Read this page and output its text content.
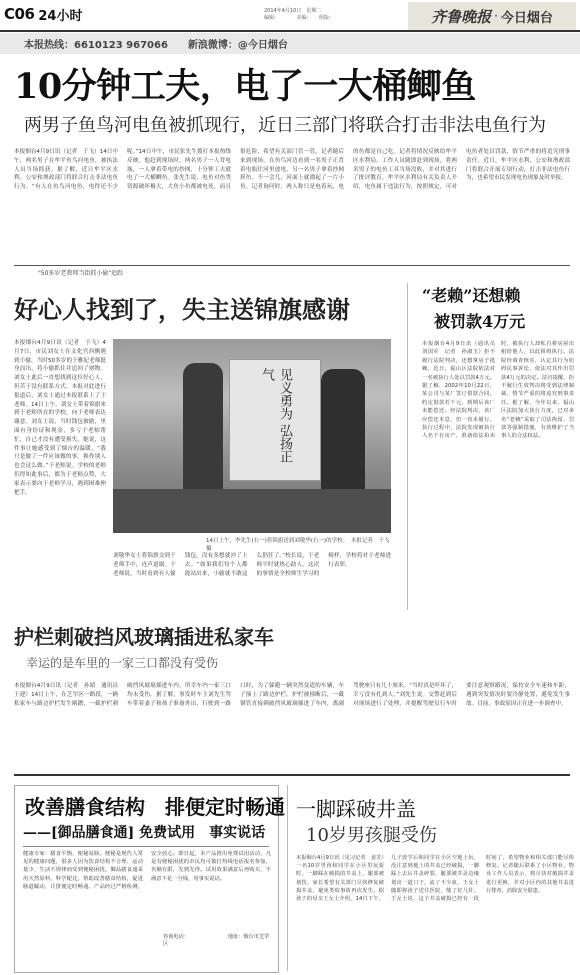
C06 24小时	2014年4月10日　星期二
编辑：　　　　美编：　　组版：	齐鲁晚报 · 今日烟台
本报热线：6610123 967066 新浪微博：@今日烟台
10分钟工夫，电了一大桶鲫鱼
两男子鱼鸟河电鱼被抓现行，近日三部门将联合打击非法电鱼行为
本报烟台4月9日讯（记者　于飞）14日中午，两名男子在牟平鱼鸟河电鱼，被执法人员当场抓获。据了解，近日牟平区水利、公安和渔政部门将联合打击非法电鱼行为。“有人在鱼鸟河电鱼，电得还不少呢。”14日中午，市民张先生拨打本报热线反映。他赶到现场时，两名男子一人背电瓶，一人拿着带电的抄网，十分钟工夫就电了一大桶鲫鱼。张先生说，电鱼对鱼类资源破坏极大，大鱼小鱼都被电死，而且很危险，希望有关部门管一管。记者随后来到现场，在鱼鸟河边看到一名男子正背着电瓶往河里放电，另一名男子拿着抄网捞鱼。不一会儿，河面上就漂起了一片小鱼。记者询问时，两人称只是电着玩，电的鱼都是自己吃。记者将情况反映给牟平区水利局，工作人员随即赶到现场，将两名男子的电鱼工具当场没收，并对其进行了批评教育。牟平区水利局有关负责人介绍，电鱼属于违法行为，按照规定，可对电鱼者处以罚款，情节严重的将追究刑事责任。近日，牟平区水利、公安和渔政部门将联合开展专项行动，打击非法电鱼行为，也希望市民发现电鱼现象及时举报。
"50多岁老教师当街抓小偷"追踪
好心人找到了，失主送锦旗感谢
本报烟台4月9日讯（记者　于飞）4月7日，市民刘女士在文化宫西侧遇到小偷，当时50多岁的于雅妃老师挺身而出，将小偷抓住并追回了财物。刘女士此后一直想找到这位好心人，但苦于没有联系方式。本报对此进行报道后，刘女士通过本报联系上了于老师。14日上午，刘女士带着锦旗来到于老师所在的学校，向于老师表达谢意。刘女士说，当时钱包被偷，里面有身份证和现金，多亏于老师帮忙，自己才没有遭受损失。她说，这件事让她感受到了烟台的温暖。“我只是做了一件应该做的事，换作别人也会这么做。”于老师说。学校的老师们得知此事后，都为于老师点赞，大家表示要向于老师学习，遇到困难伸把手。
见义勇为 弘扬正气
14日上午，李先生(右一)将锦旗送到刘敬华(右一)的学校。　本报记者　于飞　摄
刘敬华女士将锦旗交到于老师手中，连声道谢。于老师说，当时看到有人偷钱包，没有多想就冲了上去。“如果我们每个人都能站出来，小偷就不敢这么猖狂了。”校长说，于老师平时就热心助人，这次的事情是全校师生学习的榜样，学校将对于老师进行表彰。
“老赖”还想赖
被罚款4万元
本报烟台4月9日讯（通讯员　刘国军　记者　孙淑玉）拒不履行法院判决，还想拿房子抵赖。近日，福山区法院依法对一名被执行人处以罚款4万元。据了解，2002年10月22日，某公司与某厂签订借款合同，约定借款若干元，到期后该厂未能偿还。经法院判决，该厂应偿还本息，但一直未履行。执行过程中，法院发现被执行人名下有房产，准备依法拍卖时，被执行人却私自将房屋出租给他人，以此阻碍执行。法院经调查核实，认定其行为妨碍民事诉讼，依法对其作出罚款4万元的决定。法官提醒，拒不履行生效判决将受到法律制裁，情节严重的将追究刑事责任。据了解，今年以来，福山区法院加大执行力度，已对多名“老赖”采取了司法拘留、罚款等强制措施，有效维护了当事人的合法权益。
护栏刺破挡风玻璃插进私家车
幸运的是车里的一家三口都没有受伤
本报烟台4月9日讯（记者　孙婧　通讯员　王建）14日上午，在芝罘区一路段，一辆私家车与路边护栏发生剐蹭，一截护栏刺破挡风玻璃插进车内，所幸车内一家三口均未受伤。据了解，事发时车主刘先生驾车带着妻子和孩子准备外出，行驶到一路口时，为了躲避一辆突然变道的车辆，车子撞上了路边护栏。护栏被撞断后，一截钢管直接刺破挡风玻璃插进了车内，离副驾驶座只有几十厘米。“当时真是吓坏了，幸亏没有扎到人。”刘先生说。交警赶到后对现场进行了处理，并提醒驾驶员行车时要注意观察路况，保持安全车速和车距，遇到突发情况时要冷静处置，避免发生事故。目前，事故原因正在进一步调查中。
改善膳食结构　排便定时畅通
——[御品膳食通] 免费试用　事实说话
健康专家：膳食平衡，便秘易除。便秘是现代人常见的健康问题，很多人因为饮食结构不合理、运动量少、生活不规律而受到便秘困扰。御品膳食通采用天然原料，科学配比，帮助改善膳食结构，促进肠道蠕动，让排便定时畅通。产品经过严格检测，安全放心。即日起，本产品推出免费试用活动，凡是有便秘困扰的市民均可拨打热线电话报名参加，名额有限，先到先得。试用效果满意后再购买，不满意不花一分钱，用事实说话。
咨询电话：　　　　　　　　地址：烟台市芝罘区
一脚踩破井盖
10岁男孩腿受伤
本报烟台4月9日讯（见习记者　姜芳）一名10岁男孩和同学在小区里玩耍时，一脚踩在破损的井盖上，腿部被划伤。家长希望有关部门尽快修复破损井盖，避免类似事故再次发生。据孩子的母亲王女士介绍，14日下午，儿子放学后和同学在小区空地上玩，没注意到地上的井盖已经破损，一脚踩上去后井盖碎裂，腿部被井盖边缘划出一道口子，流了不少血。王女士随即将孩子送往医院，缝了好几针。王女士说，这个井盖破损已经有一段时间了，希望物业和相关部门能尽快修复。记者随后联系了小区物业，物业工作人员表示，将尽快对破损井盖进行更换，并对小区内的其他井盖进行排查，消除安全隐患。
